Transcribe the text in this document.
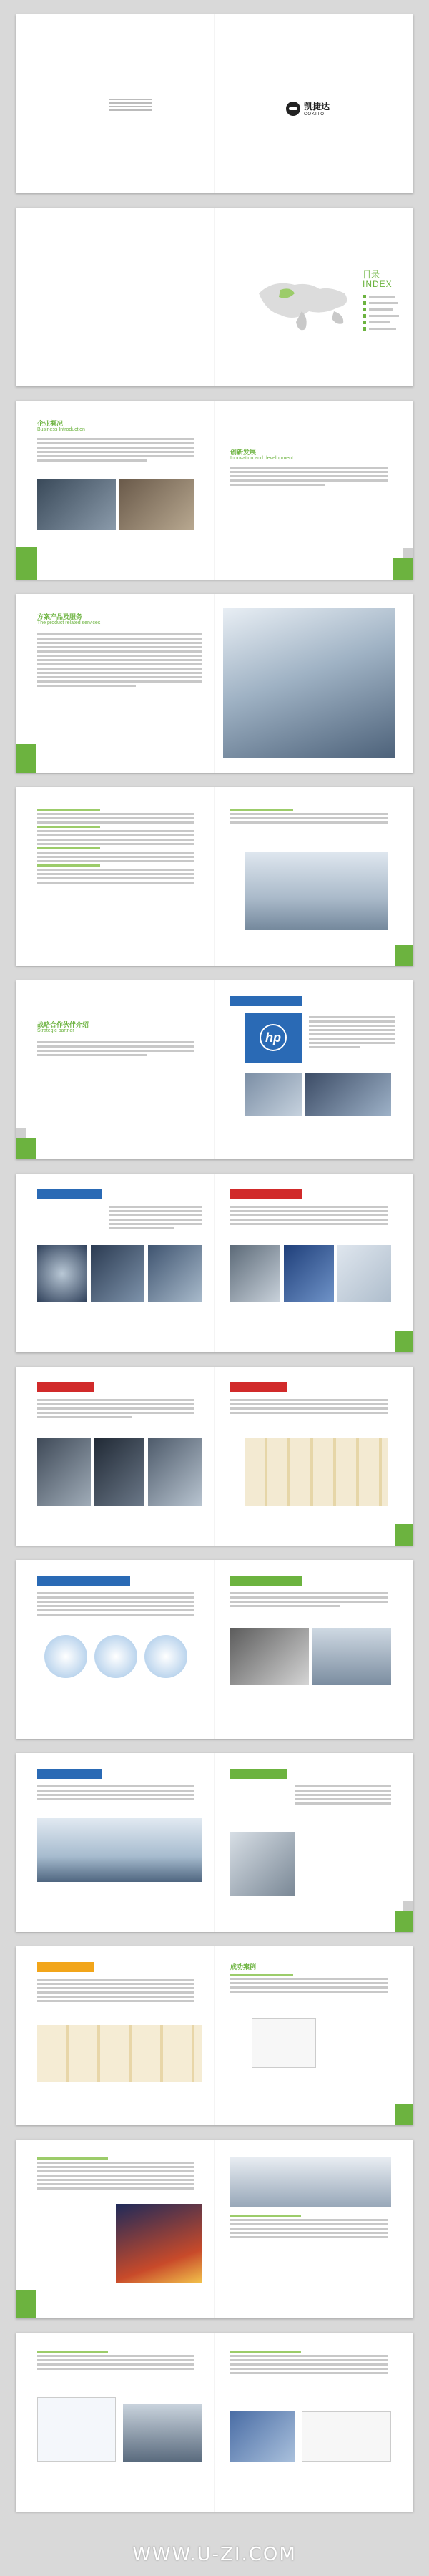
凯捷达
COKITO
目录
INDEX
企业概况
Business Introduction
创新发展
Innovation and development
方案产品及服务
The product related services
战略合作伙伴介绍
Strategic partner	hp
成功案例
WWW.U-ZI.COM
